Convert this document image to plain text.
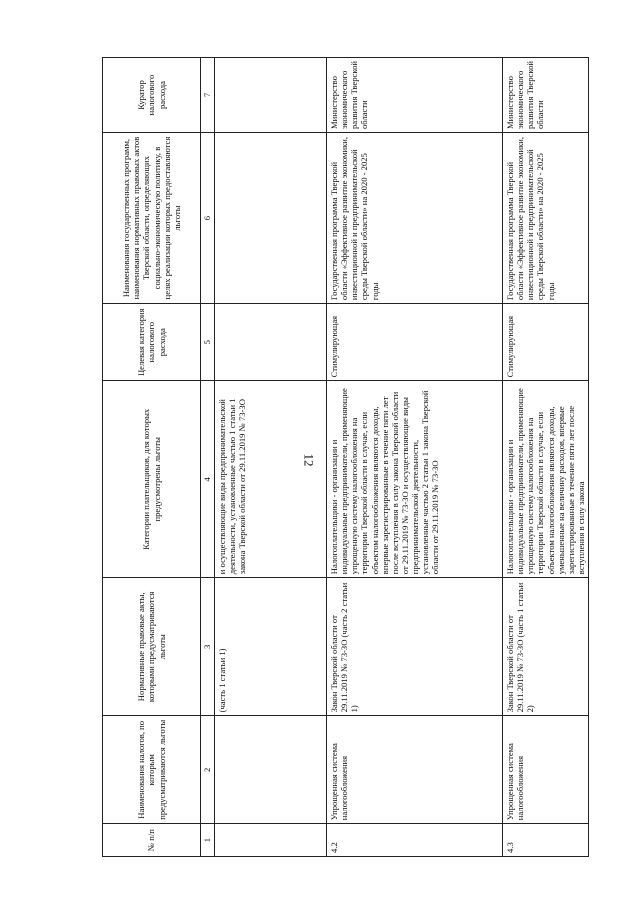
12
№ п/п	Наименования налогов, по которым предусматриваются льготы	Нормативные правовые акты, которыми предусматриваются льготы	Категории плательщиков, для которых предусмотрены льготы	Целевая категория налогового расхода	Наименования государственных программ, наименования нормативных правовых актов Тверской области, определяющих социально-экономическую политику, в целях реализации которых предоставляются льготы	Куратор налогового расхода
1	2	3	4	5	6	7
		(часть 1 статьи 1)	и осуществляющие виды предпринимательской деятельности, установленные частью 1 статьи 1 закона Тверской области от 29.11.2019 № 73-ЗО			
4.2	Упрощенная система налогообложения	Закон Тверской области от 29.11.2019 № 73-ЗО (часть 2 статьи 1)	Налогоплательщики - организации и индивидуальные предприниматели, применяющие упрощенную систему налогообложения на территории Тверской области в случае, если объектом налогообложения являются доходы, впервые зарегистрированные в течение пяти лет после вступления в силу закона Тверской области от 29.11.2019 № 73-ЗО и осуществляющие виды предпринимательской деятельности, установленные частью 2 статьи 1 закона Тверской области от 29.11.2019 № 73-ЗО	Стимулирующая	Государственная программа Тверской области «Эффективное развитие экономики, инвестиционной и предпринимательской среды Тверской области» на 2020 - 2025 годы	Министерство экономического развития Тверской области
4.3	Упрощенная система налогообложения	Закон Тверской области от 29.11.2019 № 73-ЗО (часть 1 статьи 2)	Налогоплательщики - организации и индивидуальные предприниматели, применяющие упрощенную систему налогообложения на территории Тверской области в случае, если объектом налогообложения являются доходы, уменьшенные на величину расходов, впервые зарегистрированные в течение пяти лет после вступления в силу закона	Стимулирующая	Государственная программа Тверской области «Эффективное развитие экономики, инвестиционной и предпринимательской среды Тверской области» на 2020 - 2025 годы	Министерство экономического развития Тверской области
